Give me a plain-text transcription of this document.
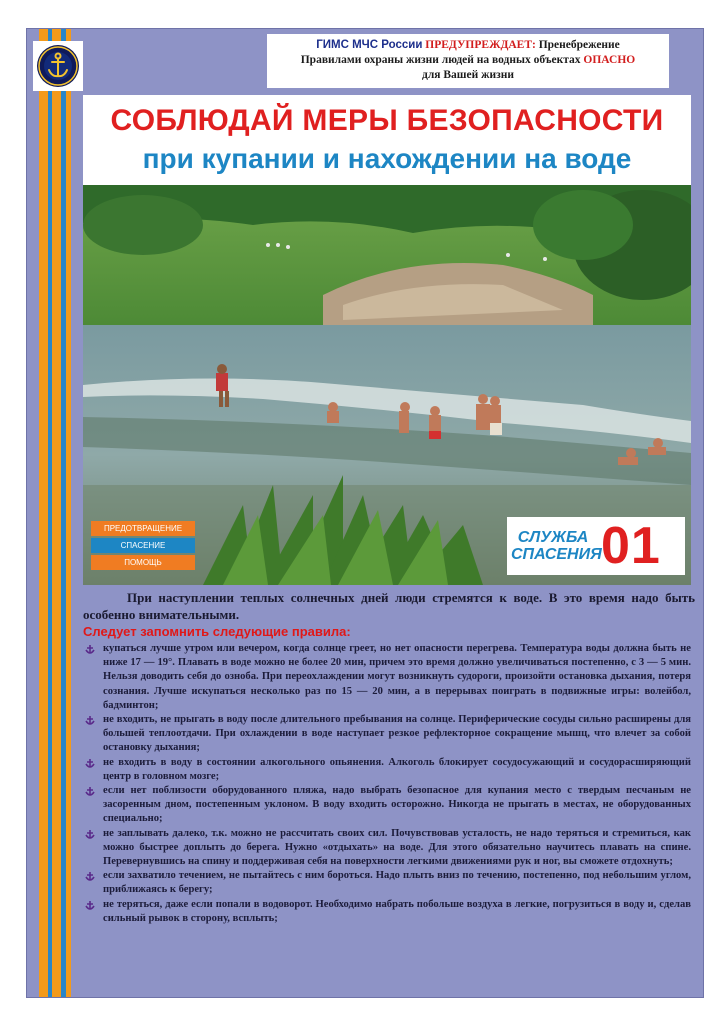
ГИМС МЧС России ПРЕДУПРЕЖДАЕТ: Пренебрежение
Правилами охраны жизни людей на водных объектах ОПАСНО
для Вашей жизни
СОБЛЮДАЙ МЕРЫ БЕЗОПАСНОСТИ
при купании и нахождении на воде
ПРЕДОТВРАЩЕНИЕ
СПАСЕНИЕ
ПОМОЩЬ
СЛУЖБА
СПАСЕНИЯ 01

При наступлении теплых солнечных дней люди стремятся к воде. В это время надо быть особенно внимательными.

Следует запомнить следующие правила:

купаться лучше утром или вечером, когда солнце греет, но нет опасности перегрева. Температура воды должна быть не ниже 17 — 19°. Плавать в воде можно не более 20 мин, причем это время должно увеличиваться постепенно, с 3 — 5 мин. Нельзя доводить себя до озноба. При переохлаждении могут возникнуть судороги, произойти остановка дыхания, потеря сознания. Лучше искупаться несколько раз по 15 — 20 мин, а в перерывах поиграть в подвижные игры: волейбол, бадминтон;
не входить, не прыгать в воду после длительного пребывания на солнце. Периферические сосуды сильно расширены для большей теплоотдачи. При охлаждении в воде наступает резкое рефлекторное сокращение мышц, что влечет за собой остановку дыхания;
не входить в воду в состоянии алкогольного опьянения. Алкоголь блокирует сосудосужающий и сосудорасширяющий центр в головном мозге;
если нет поблизости оборудованного пляжа, надо выбрать безопасное для купания место с твердым песчаным не засоренным дном, постепенным уклоном. В воду входить осторожно. Никогда не прыгать в местах, не оборудованных специально;
не заплывать далеко, т.к. можно не рассчитать своих сил. Почувствовав усталость, не надо теряться и стремиться, как можно быстрее доплыть до берега. Нужно «отдыхать» на воде. Для этого обязательно научитесь плавать на спине. Перевернувшись на спину и поддерживая себя на поверхности легкими движениями рук и ног, вы сможете отдохнуть;
если захватило течением, не пытайтесь с ним бороться. Надо плыть вниз по течению, постепенно, под небольшим углом, приближаясь к берегу;
не теряться, даже если попали в водоворот. Необходимо набрать побольше воздуха в легкие, погрузиться в воду и, сделав сильный рывок в сторону, всплыть;
